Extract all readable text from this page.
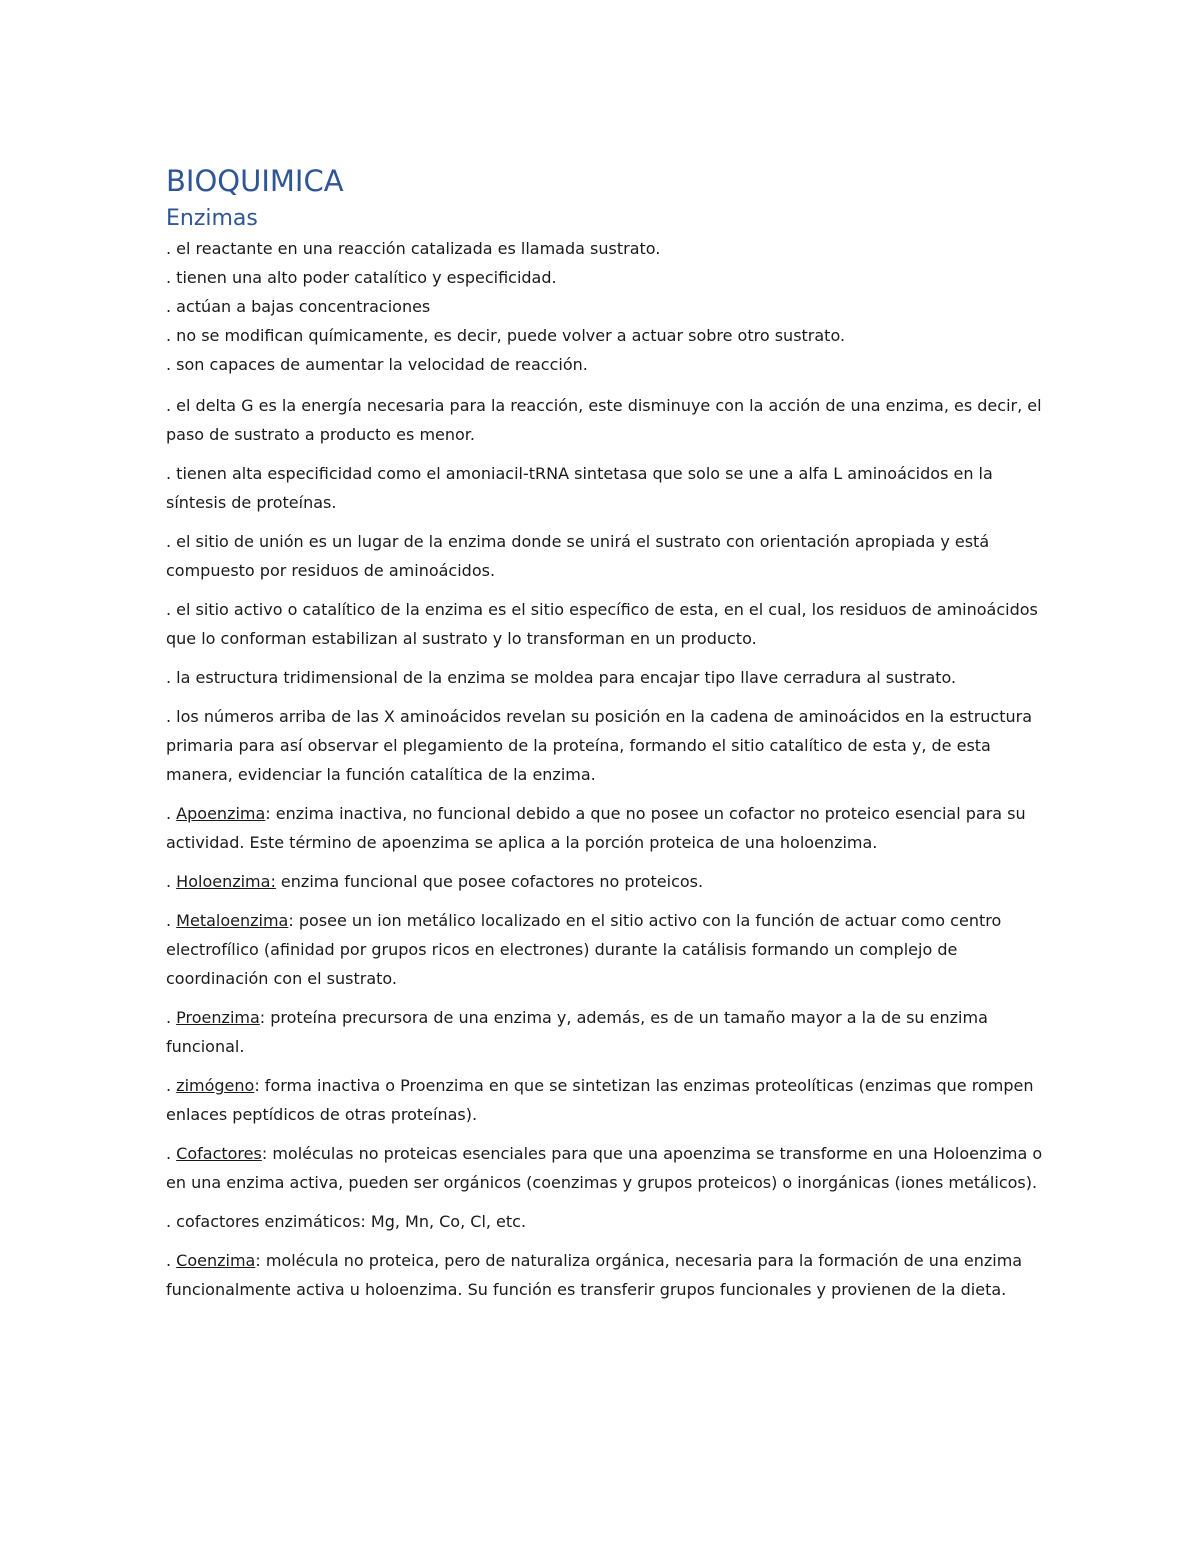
BIOQUIMICA
Enzimas

. el reactante en una reacción catalizada es llamada sustrato.

. tienen una alto poder catalítico y especificidad.

. actúan a bajas concentraciones

. no se modifican químicamente, es decir, puede volver a actuar sobre otro sustrato.

. son capaces de aumentar la velocidad de reacción.

. el delta G es la energía necesaria para la reacción, este disminuye con la acción de una enzima, es decir, el paso de sustrato a producto es menor.

. tienen alta especificidad como el amoniacil-tRNA sintetasa que solo se une a alfa L aminoácidos en la síntesis de proteínas.

. el sitio de unión es un lugar de la enzima donde se unirá el sustrato con orientación apropiada y está compuesto por residuos de aminoácidos.

. el sitio activo o catalítico de la enzima es el sitio específico de esta, en el cual, los residuos de aminoácidos que lo conforman estabilizan al sustrato y lo transforman en un producto.

. la estructura tridimensional de la enzima se moldea para encajar tipo llave cerradura al sustrato.

. los números arriba de las X aminoácidos revelan su posición en la cadena de aminoácidos en la estructura primaria para así observar el plegamiento de la proteína, formando el sitio catalítico de esta y, de esta manera, evidenciar la función catalítica de la enzima.

. Apoenzima: enzima inactiva, no funcional debido a que no posee un cofactor no proteico esencial para su actividad. Este término de apoenzima se aplica a la porción proteica de una holoenzima.

. Holoenzima: enzima funcional que posee cofactores no proteicos.

. Metaloenzima: posee un ion metálico localizado en el sitio activo con la función de actuar como centro electrofílico (afinidad por grupos ricos en electrones) durante la catálisis formando un complejo de coordinación con el sustrato.

. Proenzima: proteína precursora de una enzima y, además, es de un tamaño mayor a la de su enzima funcional.

. zimógeno: forma inactiva o Proenzima en que se sintetizan las enzimas proteolíticas (enzimas que rompen enlaces peptídicos de otras proteínas).

. Cofactores: moléculas no proteicas esenciales para que una apoenzima se transforme en una Holoenzima o en una enzima activa, pueden ser orgánicos (coenzimas y grupos proteicos) o inorgánicas (iones metálicos).

. cofactores enzimáticos: Mg, Mn, Co, Cl, etc.

. Coenzima: molécula no proteica, pero de naturaliza orgánica, necesaria para la formación de una enzima funcionalmente activa u holoenzima. Su función es transferir grupos funcionales y provienen de la dieta.
